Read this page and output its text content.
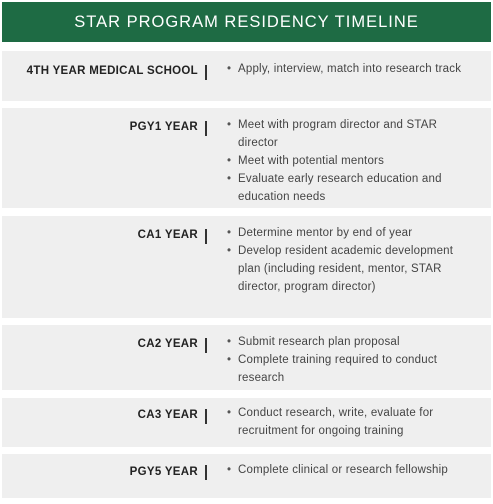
STAR PROGRAM RESIDENCY TIMELINE
4TH YEAR MEDICAL SCHOOL	• Apply, interview, match into research track
PGY1 YEAR	• Meet with program director and STAR director
• Meet with potential mentors
• Evaluate early research education and education needs
CA1 YEAR	• Determine mentor by end of year
• Develop resident academic development plan (including resident, mentor, STAR director, program director)
CA2 YEAR	• Submit research plan proposal
• Complete training required to conduct research
CA3 YEAR	• Conduct research, write, evaluate for recruitment for ongoing training
PGY5 YEAR	• Complete clinical or research fellowship
